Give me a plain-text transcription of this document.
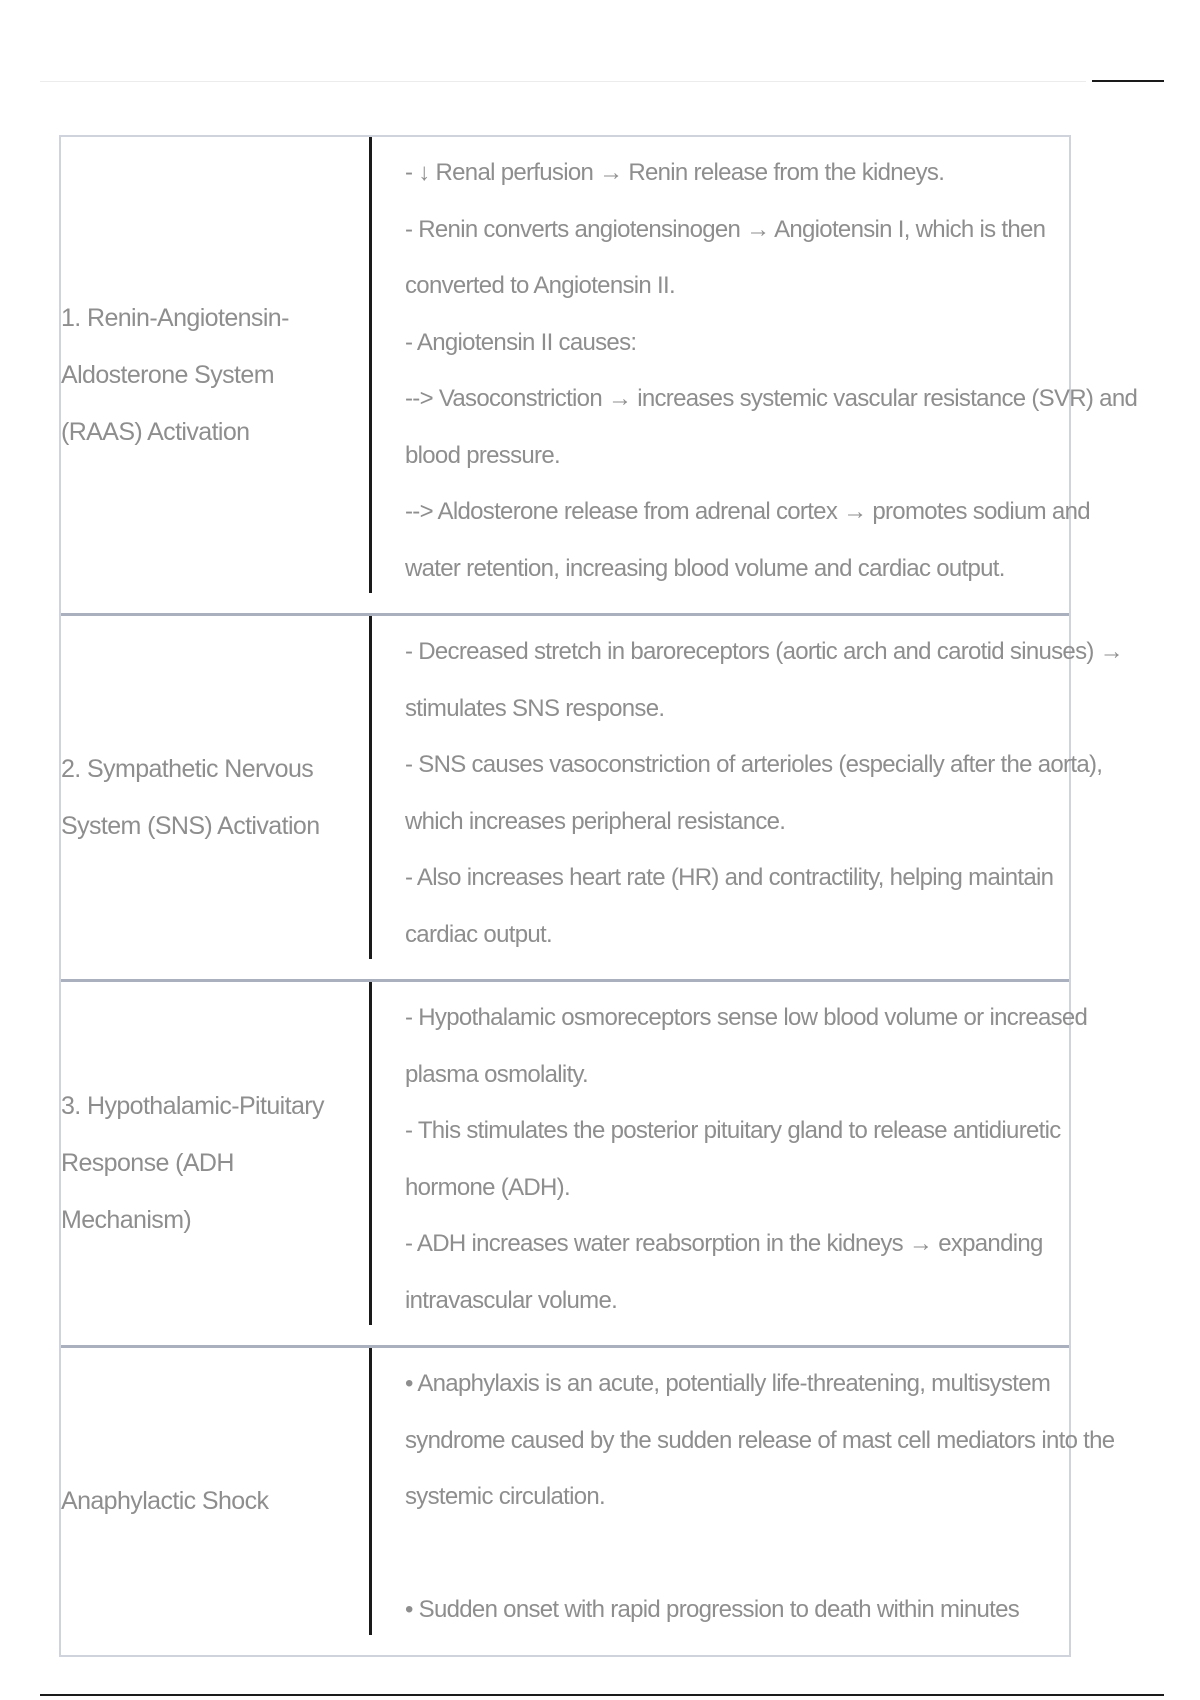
1. Renin-Angiotensin-Aldosterone System (RAAS) Activation
- ↓ Renal perfusion → Renin release from the kidneys.
- Renin converts angiotensinogen → Angiotensin I, which is then
converted to Angiotensin II.
- Angiotensin II causes:
--> Vasoconstriction → increases systemic vascular resistance (SVR) and
blood pressure.
--> Aldosterone release from adrenal cortex → promotes sodium and
water retention, increasing blood volume and cardiac output.
2. Sympathetic Nervous System (SNS) Activation
- Decreased stretch in baroreceptors (aortic arch and carotid sinuses) →
stimulates SNS response.
- SNS causes vasoconstriction of arterioles (especially after the aorta),
which increases peripheral resistance.
- Also increases heart rate (HR) and contractility, helping maintain
cardiac output.
3. Hypothalamic-Pituitary Response (ADH Mechanism)
- Hypothalamic osmoreceptors sense low blood volume or increased
plasma osmolality.
- This stimulates the posterior pituitary gland to release antidiuretic
hormone (ADH).
- ADH increases water reabsorption in the kidneys → expanding
intravascular volume.
Anaphylactic Shock
• Anaphylaxis is an acute, potentially life-threatening, multisystem
syndrome caused by the sudden release of mast cell mediators into the
systemic circulation.
• Sudden onset with rapid progression to death within minutes
